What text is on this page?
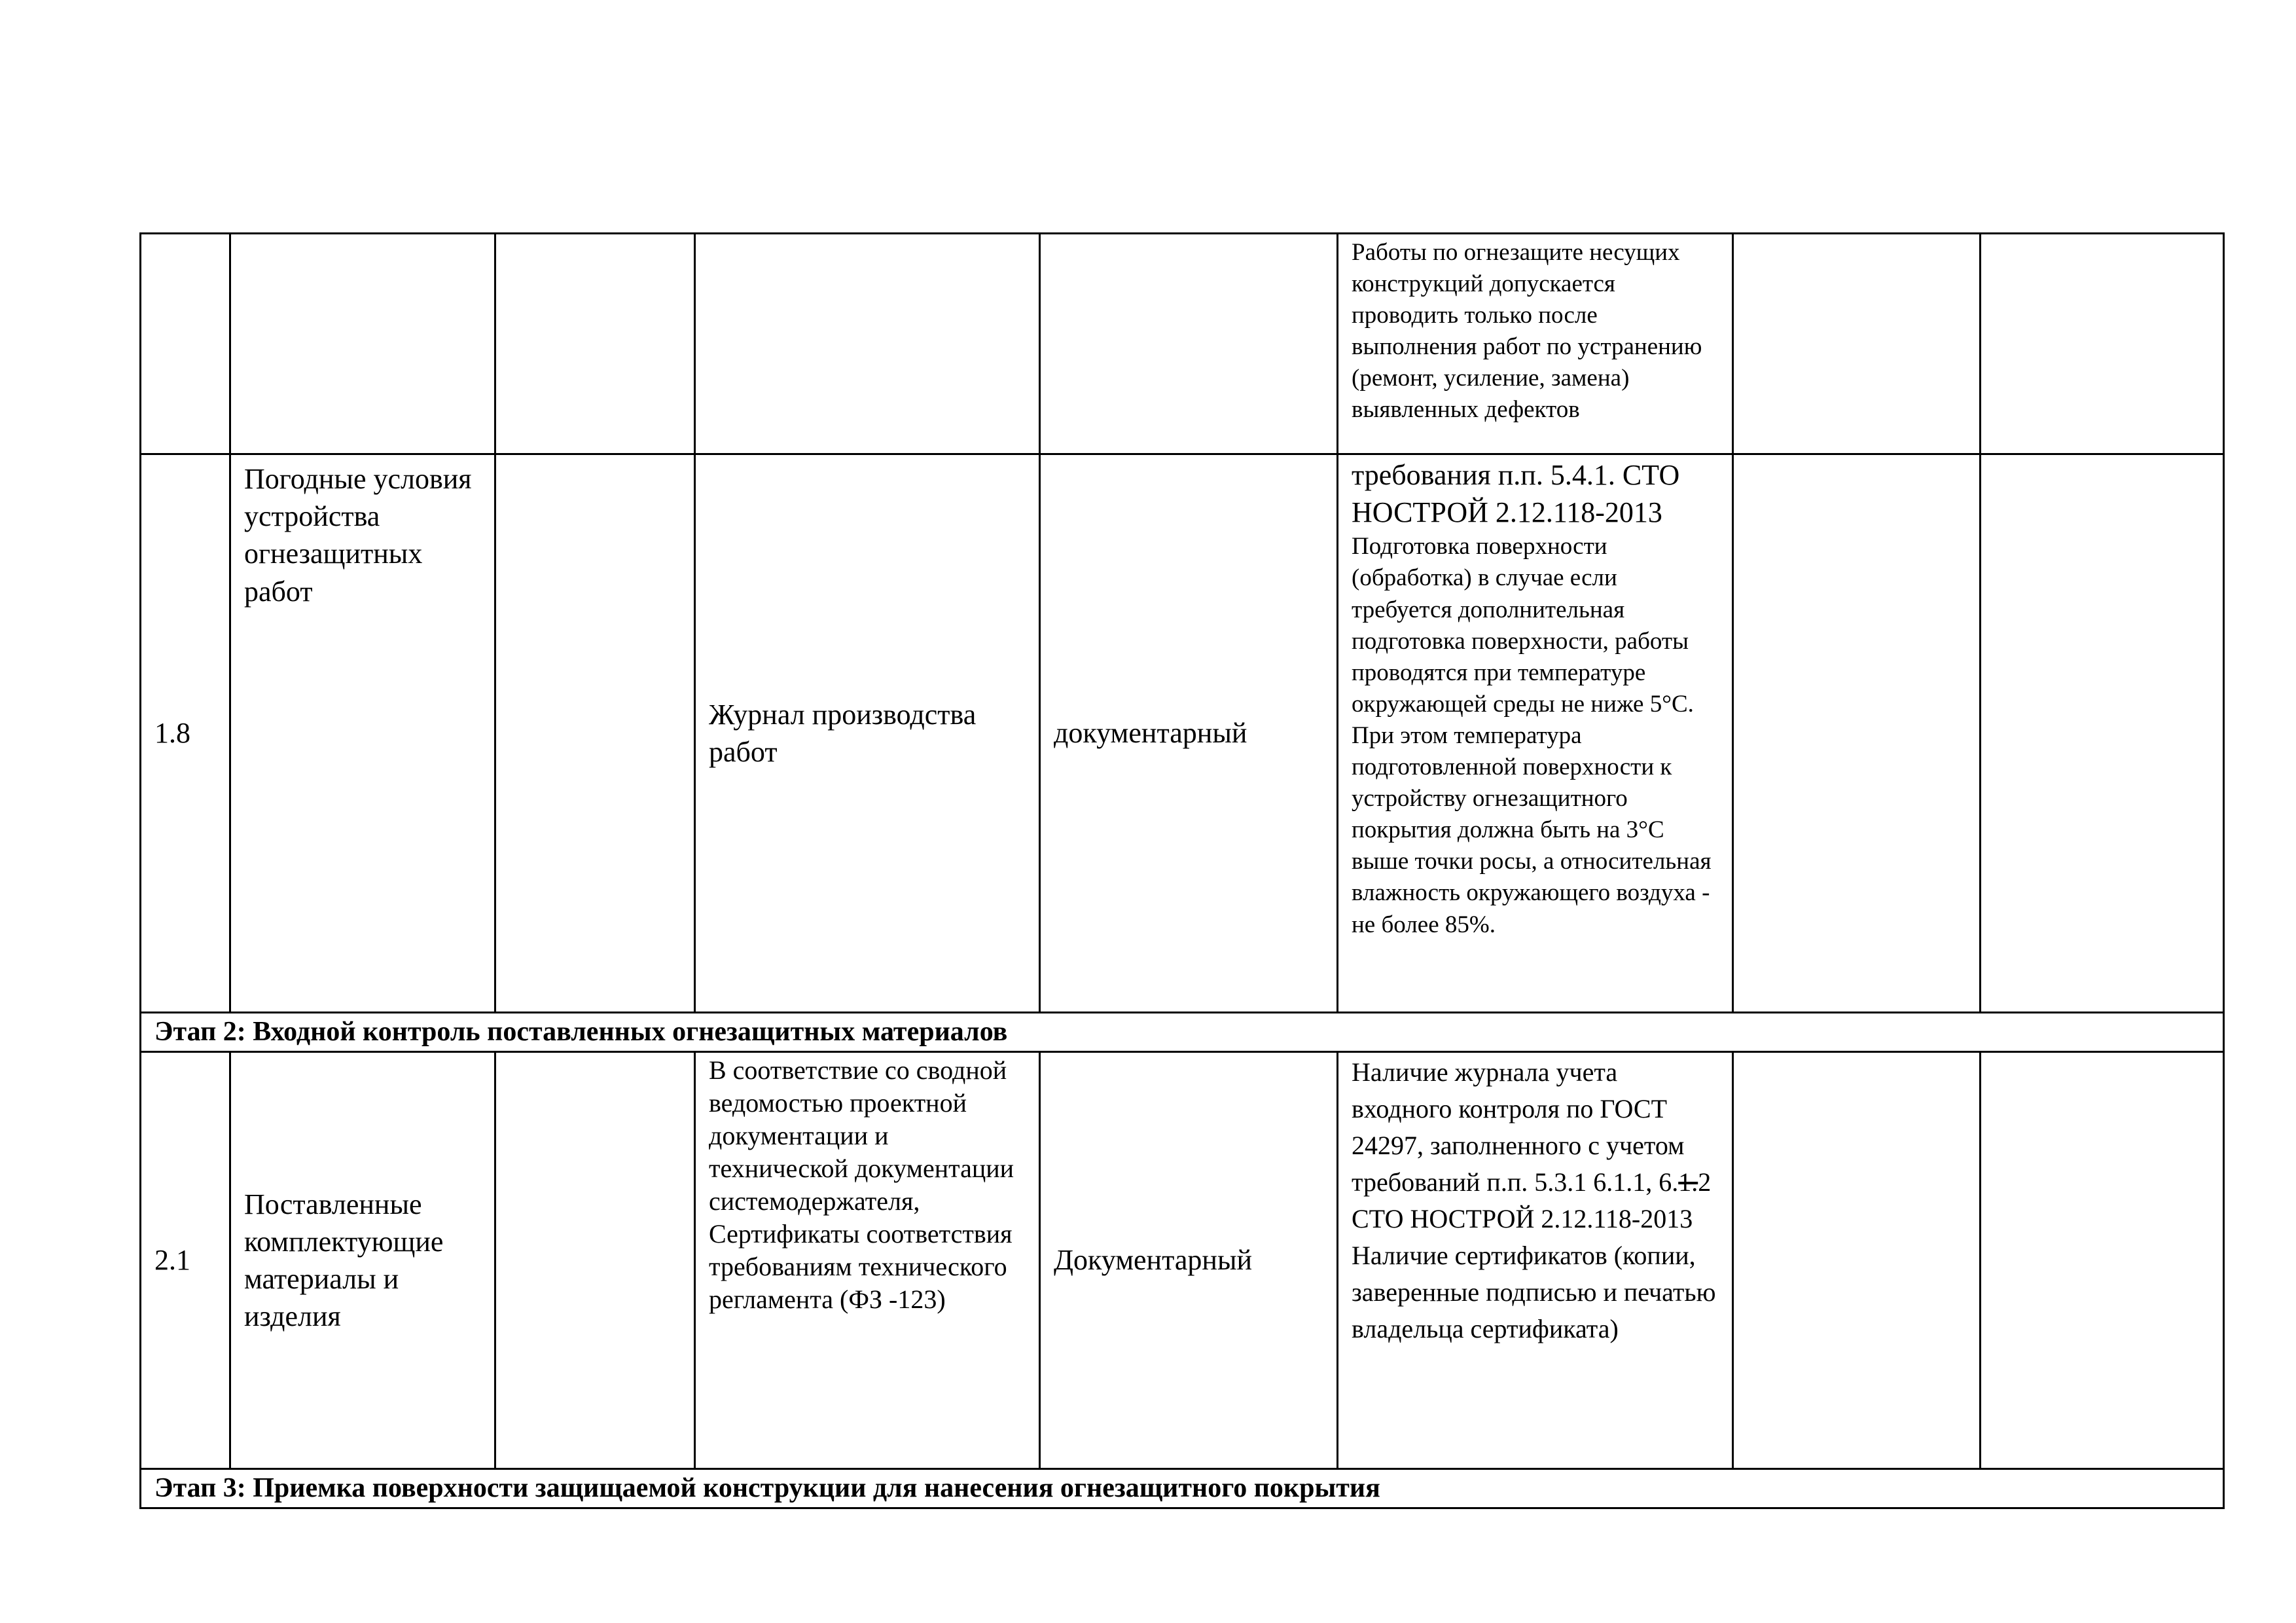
					Работы по огнезащите несущих конструкций допускается проводить только после выполнения работ по устранению (ремонт, усиление, замена) выявленных дефектов		
1.8	Погодные условия устройства огнезащитных работ		Журнал производства работ	документарный	требования п.п. 5.4.1. СТО НОСТРОЙ 2.12.118-2013
Подготовка поверхности (обработка) в случае если требуется дополнительная подготовка поверхности, работы проводятся при температуре окружающей среды не ниже 5°С. При этом температура подготовленной поверхности к устройству огнезащитного покрытия должна быть на 3°С выше точки росы, а относительная влажность окружающего воздуха - не более 85%.		

Этап 2: Входной контроль поставленных огнезащитных материалов							
2.1	Поставленные комплектующие материалы и изделия		В соответствие со сводной ведомостью проектной документации и технической документации системодержателя, Сертификаты соответствия требованиям технического регламента (ФЗ -123)	Документарный	Наличие журнала учета входного контроля по ГОСТ 24297, заполненного с учетом требований п.п. 5.3.1 6.1.1, 6.1.2 СТО НОСТРОЙ 2.12.118-2013
Наличие сертификатов (копии, заверенные подписью и печатью владельца сертификата)		

Этап 3: Приемка поверхности защищаемой конструкции для нанесения огнезащитного покрытия							
